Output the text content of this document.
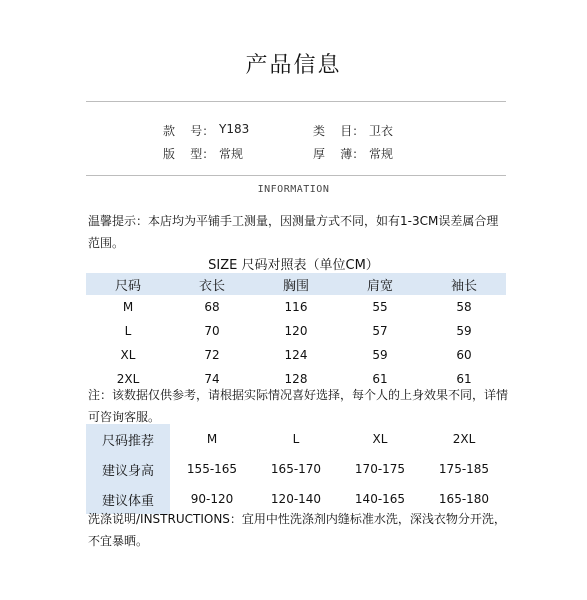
产品信息
款    号： Y183	类    目： 卫衣
版    型： 常规	厚    薄： 常规
INFORMATION
温馨提示：本店均为平铺手工测量，因测量方式不同，如有1-3CM误差属合理范围。
SIZE 尺码对照表（单位CM）
尺码	衣长	胸围	肩宽	袖长
M	68	116	55	58
L	70	120	57	59
XL	72	124	59	60
2XL	74	128	61	61
注：该数据仅供参考，请根据实际情况喜好选择，每个人的上身效果不同，详情可咨询客服。
尺码推荐	M	L	XL	2XL
建议身高	155-165	165-170	170-175	175-185
建议体重	90-120	120-140	140-165	165-180
洗涤说明/INSTRUCTIONS：宜用中性洗涤剂内缝标准水洗，深浅衣物分开洗，不宜暴晒。
